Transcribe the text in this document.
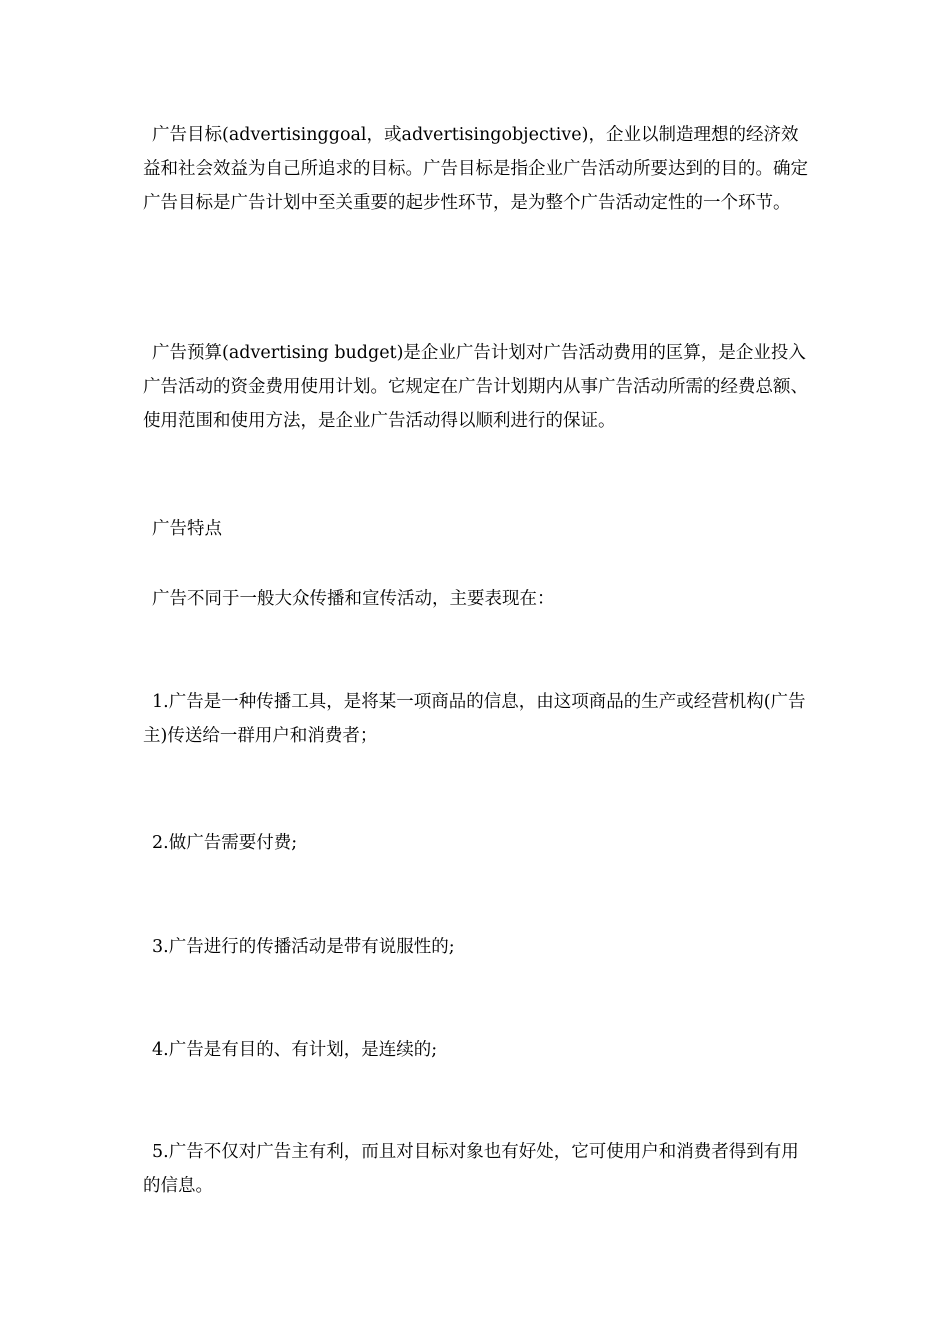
广告目标(advertisinggoal，或advertisingobjective)，企业以制造理想的经济效益和社会效益为自己所追求的目标。广告目标是指企业广告活动所要达到的目的。确定广告目标是广告计划中至关重要的起步性环节，是为整个广告活动定性的一个环节。

广告预算(advertising budget)是企业广告计划对广告活动费用的匡算，是企业投入广告活动的资金费用使用计划。它规定在广告计划期内从事广告活动所需的经费总额、使用范围和使用方法，是企业广告活动得以顺利进行的保证。

广告特点

广告不同于一般大众传播和宣传活动，主要表现在：

1.广告是一种传播工具，是将某一项商品的信息，由这项商品的生产或经营机构(广告主)传送给一群用户和消费者；

2.做广告需要付费;

3.广告进行的传播活动是带有说服性的;

4.广告是有目的、有计划，是连续的;

5.广告不仅对广告主有利，而且对目标对象也有好处，它可使用户和消费者得到有用的信息。
